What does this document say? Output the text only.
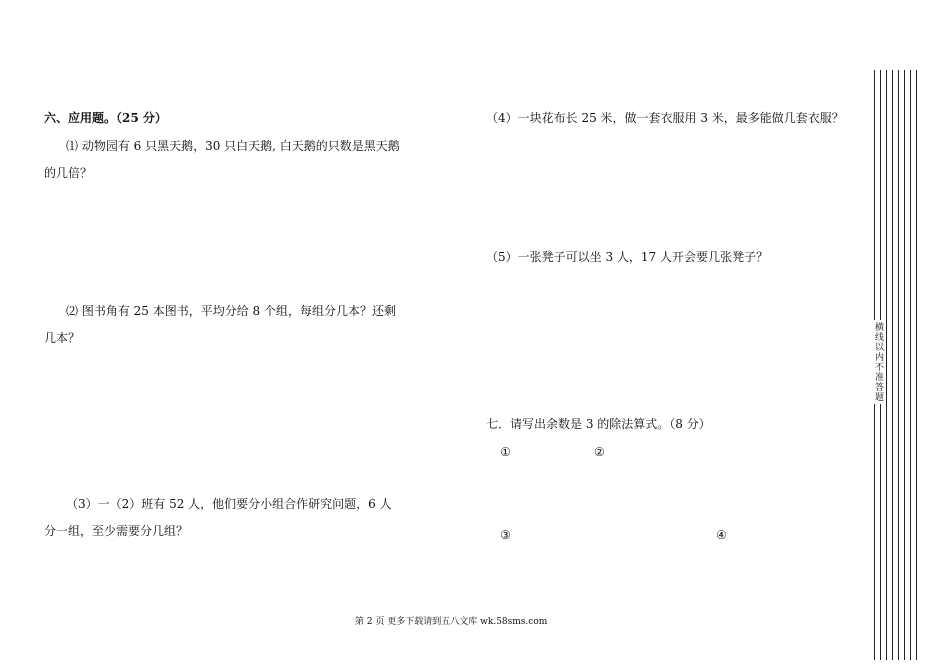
六、应用题。（25 分）
⑴ 动物园有 6 只黑天鹅，30 只白天鹅, 白天鹅的只数是黑天鹅
的几倍？
⑵ 图书角有 25 本图书，平均分给 8 个组，每组分几本？还剩
几本？
（3）一（2）班有 52 人，他们要分小组合作研究问题，6 人
分一组，至少需要分几组？
（4）一块花布长 25 米，做一套衣服用 3 米，最多能做几套衣服？
（5）一张凳子可以坐 3 人，17 人开会要几张凳子？
七．请写出余数是 3 的除法算式。（8 分）
①	②
③	④
第 2 页 更多下载请到五八文库 wk.58sms.com
横线以内不准答题
